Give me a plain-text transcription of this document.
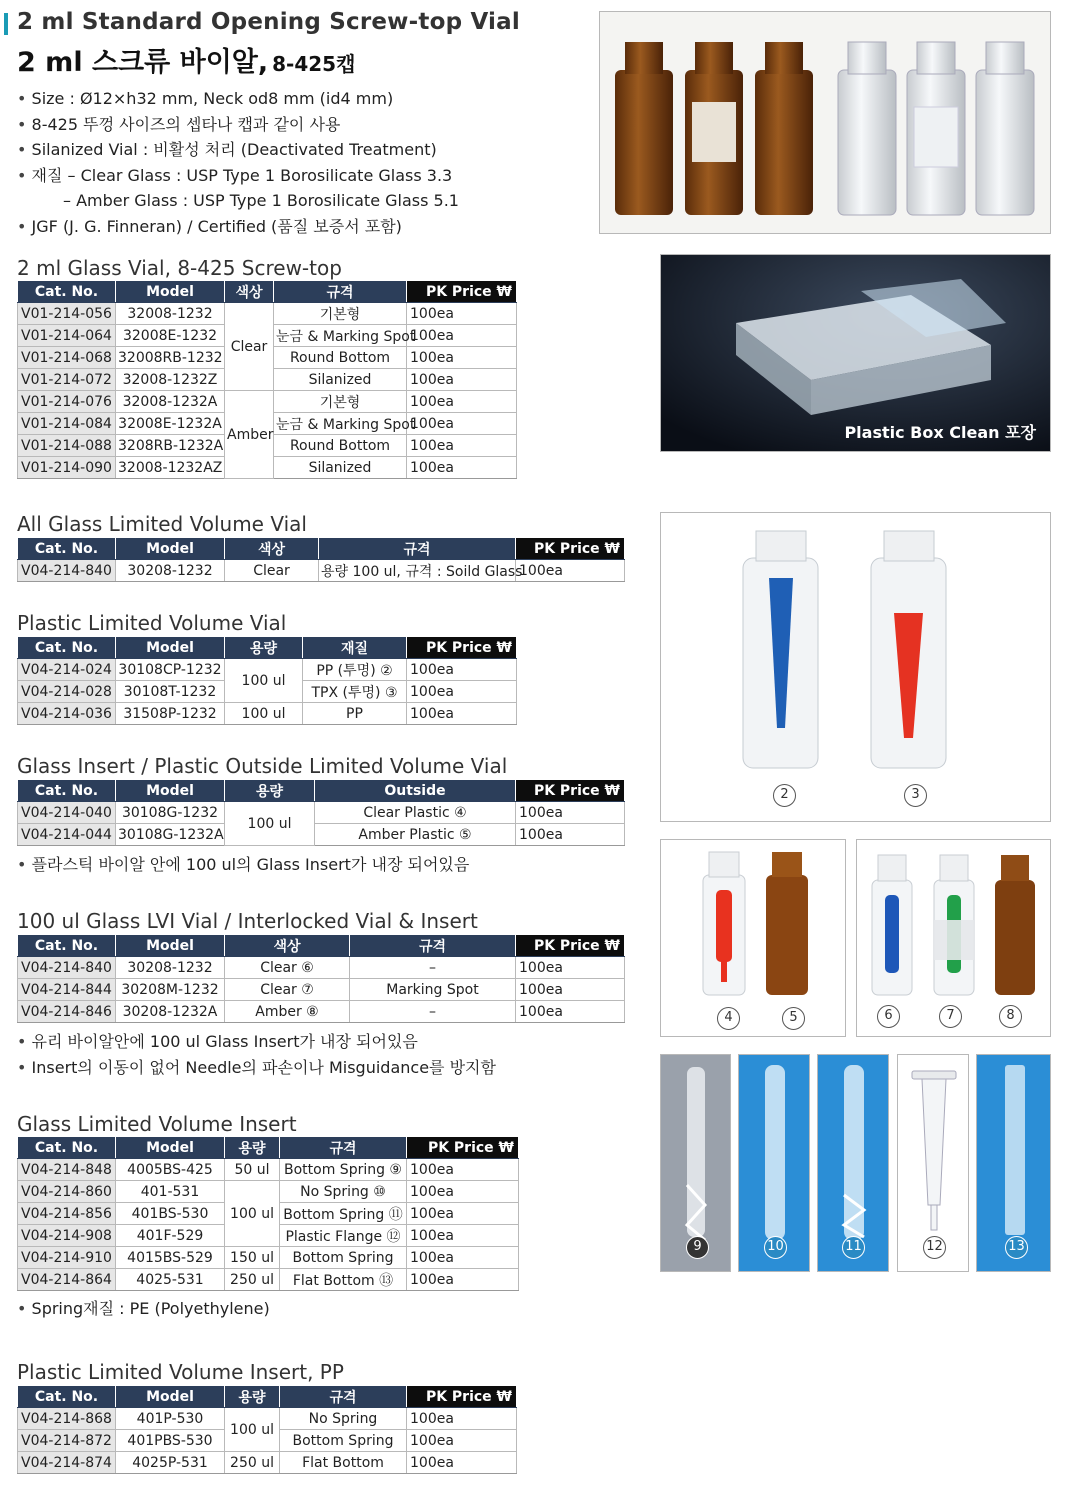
2 ml Standard Opening Screw-top Vial
2 ml 스크류 바이알, 8-425캡
• Size : Ø12×h32 mm, Neck od8 mm (id4 mm)
• 8-425 뚜껑 사이즈의 셉타나 캡과 같이 사용
• Silanized Vial : 비활성 처리 (Deactivated Treatment)
• 재질 – Clear Glass : USP Type 1 Borosilicate Glass 3.3
– Amber Glass : USP Type 1 Borosilicate Glass 5.1
• JGF (J. G. Finneran) / Certified (품질 보증서 포함)
2 ml Glass Vial, 8-425 Screw-top
Cat. No.	Model	색상	규격	PK Price ₩
V01-214-056	32008-1232	Clear	기본형	100ea
V01-214-064	32008E-1232		눈금 & Marking Spot	100ea
V01-214-068	32008RB-1232		Round Bottom	100ea
V01-214-072	32008-1232Z		Silanized	100ea
V01-214-076	32008-1232A	Amber	기본형	100ea
V01-214-084	32008E-1232A		눈금 & Marking Spot	100ea
V01-214-088	3208RB-1232A		Round Bottom	100ea
V01-214-090	32008-1232AZ		Silanized	100ea
All Glass Limited Volume Vial
Cat. No.	Model	색상	규격	PK Price ₩
V04-214-840	30208-1232	Clear	용량 100 ul, 규격 : Soild Glass	100ea
Plastic Limited Volume Vial
Cat. No.	Model	용량	재질	PK Price ₩
V04-214-024	30108CP-1232	100 ul	PP (투명) ②	100ea
V04-214-028	30108T-1232		TPX (투명) ③	100ea
V04-214-036	31508P-1232	100 ul	PP	100ea
Glass Insert / Plastic Outside Limited Volume Vial
Cat. No.	Model	용량	Outside	PK Price ₩
V04-214-040	30108G-1232	100 ul	Clear Plastic ④	100ea
V04-214-044	30108G-1232A		Amber Plastic ⑤	100ea
• 플라스틱 바이알 안에 100 ul의 Glass Insert가 내장 되어있음
100 ul Glass LVI Vial / Interlocked Vial & Insert
Cat. No.	Model	색상	규격	PK Price ₩
V04-214-840	30208-1232	Clear ⑥	–	100ea
V04-214-844	30208M-1232	Clear ⑦	Marking Spot	100ea
V04-214-846	30208-1232A	Amber ⑧	–	100ea
• 유리 바이알안에 100 ul Glass Insert가 내장 되어있음
• Insert의 이동이 없어 Needle의 파손이나 Misguidance를 방지함
Glass Limited Volume Insert
Cat. No.	Model	용량	규격	PK Price ₩
V04-214-848	4005BS-425	50 ul	Bottom Spring ⑨	100ea
V04-214-860	401-531	100 ul	No Spring ⑩	100ea
V04-214-856	401BS-530		Bottom Spring ⑪	100ea
V04-214-908	401F-529		Plastic Flange ⑫	100ea
V04-214-910	4015BS-529	150 ul	Bottom Spring	100ea
V04-214-864	4025-531	250 ul	Flat Bottom ⑬	100ea
• Spring재질 : PE (Polyethylene)
Plastic Limited Volume Insert, PP
Cat. No.	Model	용량	규격	PK Price ₩
V04-214-868	401P-530	100 ul	No Spring	100ea
V04-214-872	401PBS-530		Bottom Spring	100ea
V04-214-874	4025P-531	250 ul	Flat Bottom	100ea
Plastic Box Clean 포장
2	3
4	5	6	7	8
9	10	11	12	13
